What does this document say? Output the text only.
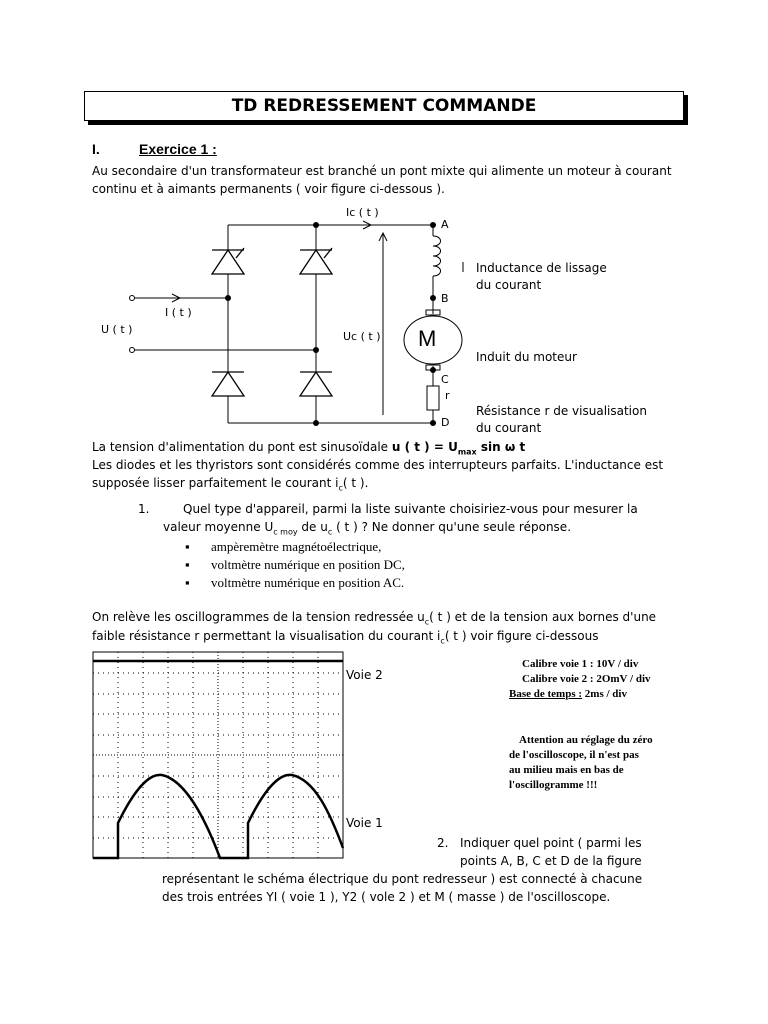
TD REDRESSEMENT COMMANDE
I.	Exercice 1 :
Au secondaire d'un transformateur est branché un pont mixte qui alimente un moteur à courant
continu et à aimants permanents ( voir figure ci-dessous ).
Ic ( t )
U ( t )
I ( t )
Uc ( t ) M
r
A
B
C
D
Inductance de lissage
du courant
Induit du moteur
Résistance r de visualisation
du courant
La tension d'alimentation du pont est sinusoïdale u ( t ) = $U_{max}$ sin ω t
Les diodes et les thyristors sont considérés comme des interrupteurs parfaits. L'inductance est
supposée lisser parfaitement le courant $i_c$( t ).
1.	Quel type d'appareil, parmi la liste suivante choisiriez-vous pour mesurer la
valeur moyenne $U_{c moy}$ de $u_c$ ( t ) ? Ne donner qu'une seule réponse.
▪ ampèremètre magnétoélectrique,
▪ voltmètre numérique en position DC,
▪ voltmètre numérique en position AC.
On relève les oscillogrammes de la tension redressée $u_c$( t ) et de la tension aux bornes d'une
faible résistance r permettant la visualisation du courant $i_c$( t ) voir figure ci-dessous
Voie 2
Voie 1
Calibre voie 1 : 10V / div
Calibre voie 2 : 2OmV / div
Base de temps : 2ms / div
Attention au réglage du zéro
de l'oscilloscope, il n'est pas
au milieu mais en bas de
l'oscillogramme !!!
2. Indiquer quel point ( parmi les
points A, B, C et D de la figure
représentant le schéma électrique du pont redresseur ) est connecté à chacune
des trois entrées YI ( voie 1 ), Y2 ( vole 2 ) et M ( masse ) de l'oscilloscope.
